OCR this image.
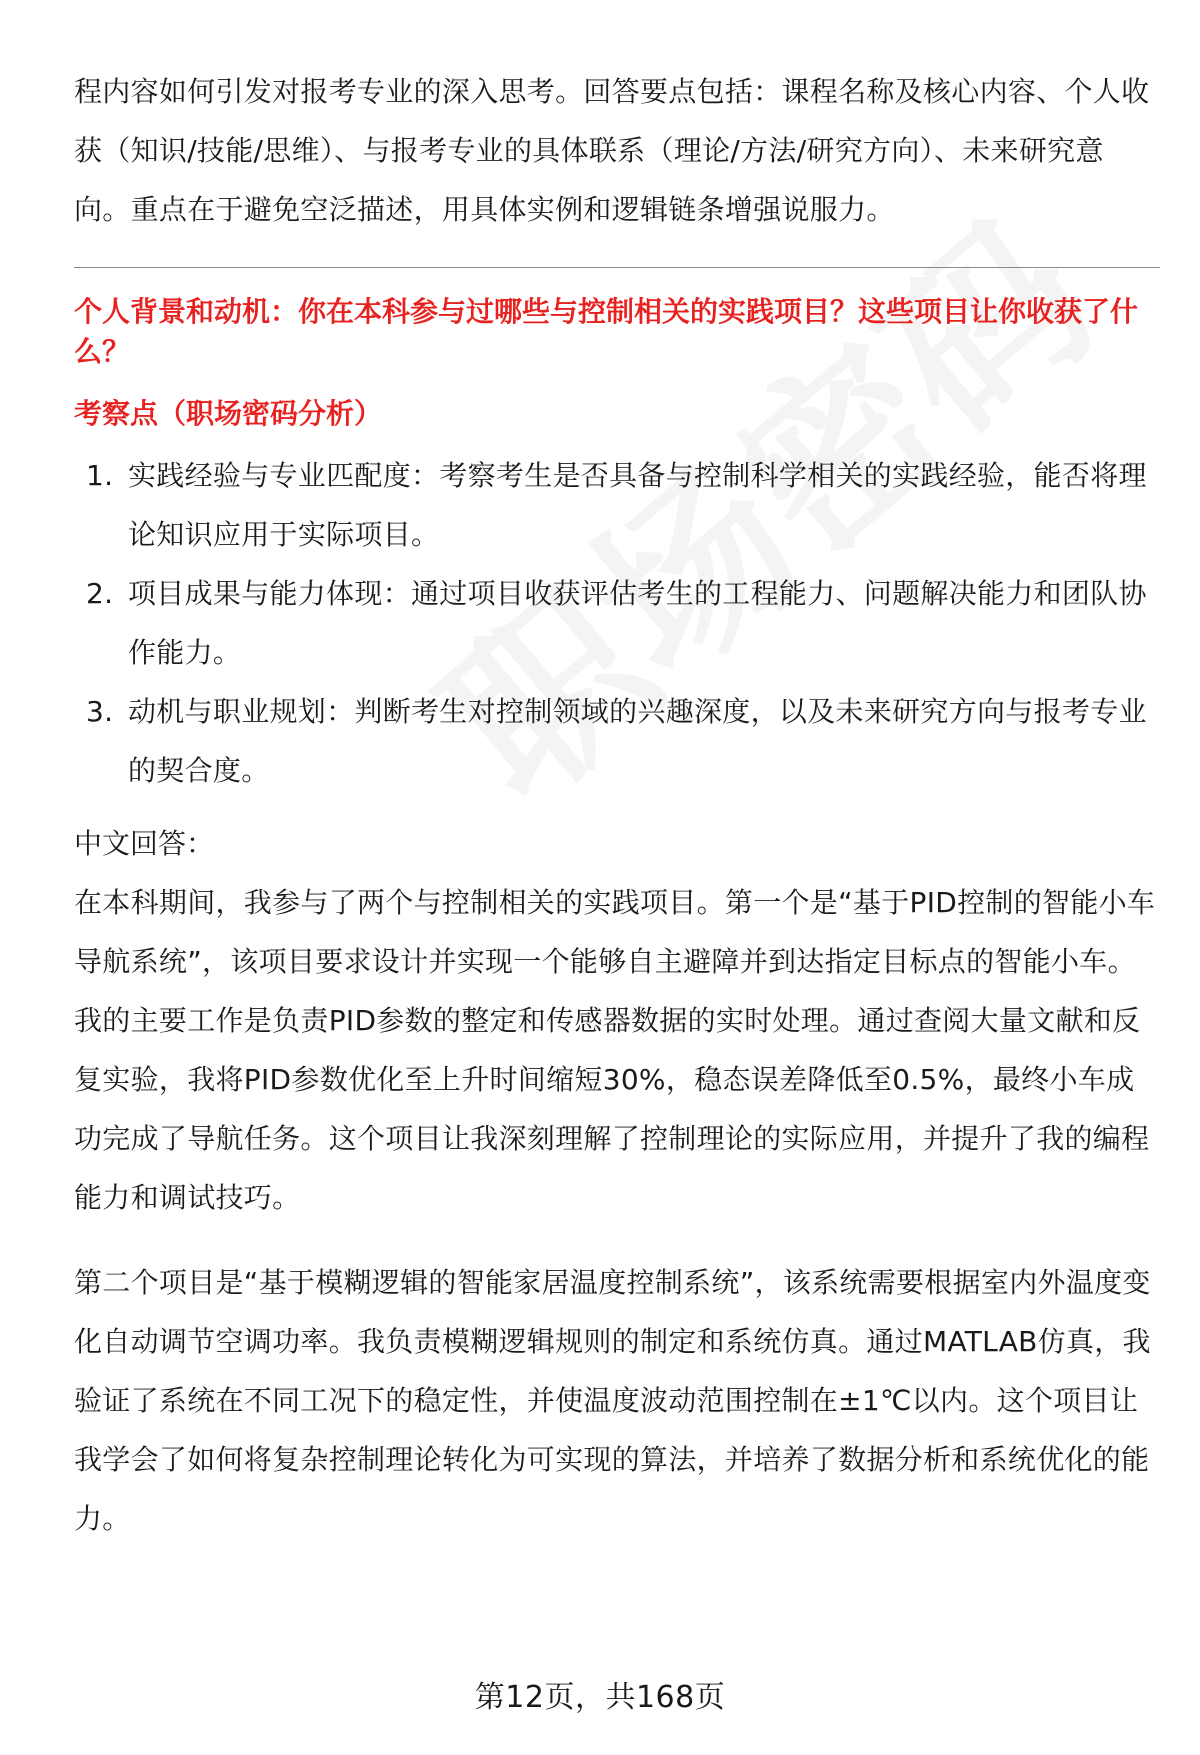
程内容如何引发对报考专业的深入思考。回答要点包括：课程名称及核心内容、个人收获（知识/技能/思维）、与报考专业的具体联系（理论/方法/研究方向）、未来研究意向。重点在于避免空泛描述，用具体实例和逻辑链条增强说服力。

个人背景和动机：你在本科参与过哪些与控制相关的实践项目？这些项目让你收获了什么？

考察点（职场密码分析）

1. 实践经验与专业匹配度：考察考生是否具备与控制科学相关的实践经验，能否将理论知识应用于实际项目。
2. 项目成果与能力体现：通过项目收获评估考生的工程能力、问题解决能力和团队协作能力。
3. 动机与职业规划：判断考生对控制领域的兴趣深度，以及未来研究方向与报考专业的契合度。

中文回答：

在本科期间，我参与了两个与控制相关的实践项目。第一个是“基于PID控制的智能小车导航系统”，该项目要求设计并实现一个能够自主避障并到达指定目标点的智能小车。我的主要工作是负责PID参数的整定和传感器数据的实时处理。通过查阅大量文献和反复实验，我将PID参数优化至上升时间缩短30%，稳态误差降低至0.5%，最终小车成功完成了导航任务。这个项目让我深刻理解了控制理论的实际应用，并提升了我的编程能力和调试技巧。

第二个项目是“基于模糊逻辑的智能家居温度控制系统”，该系统需要根据室内外温度变化自动调节空调功率。我负责模糊逻辑规则的制定和系统仿真。通过MATLAB仿真，我验证了系统在不同工况下的稳定性，并使温度波动范围控制在±1℃以内。这个项目让我学会了如何将复杂控制理论转化为可实现的算法，并培养了数据分析和系统优化的能力。

第12页，共168页
